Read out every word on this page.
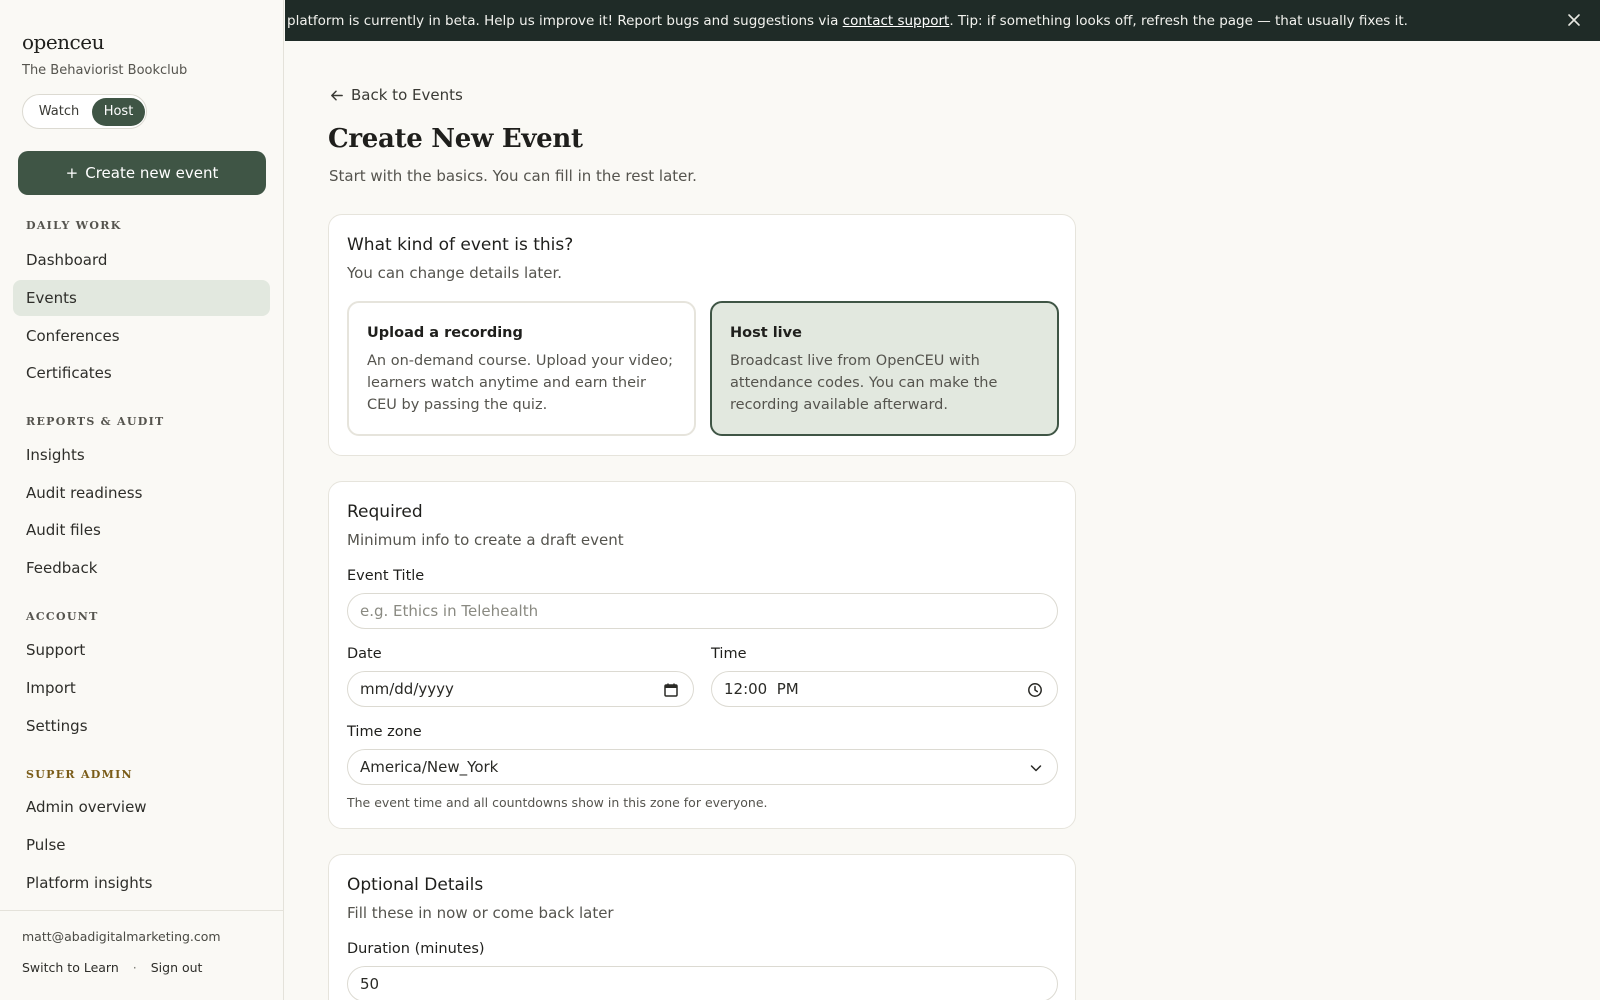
openceu
The Behaviorist Bookclub
Watch	Host
+ Create new event
DAILY WORK
Dashboard
Events
Conferences
Certificates
REPORTS & AUDIT
Insights
Audit readiness
Audit files
Feedback
ACCOUNT
Support
Import
Settings
SUPER ADMIN
Admin overview
Pulse
Platform insights
matt@abadigitalmarketing.com
Switch to Learn · Sign out
platform is currently in beta. Help us improve it! Report bugs and suggestions via contact support. Tip: if something looks off, refresh the page — that usually fixes it.
Back to Events
Create New Event
Start with the basics. You can fill in the rest later.
What kind of event is this?
You can change details later.
Upload a recording
An on-demand course. Upload your video; learners watch anytime and earn their CEU by passing the quiz.
Host live
Broadcast live from OpenCEU with attendance codes. You can make the recording available afterward.
Required
Minimum info to create a draft event
Event Title
e.g. Ethics in Telehealth
Date
mm/dd/yyyy
Time
12:00  PM
Time zone
America/New_York
The event time and all countdowns show in this zone for everyone.
Optional Details
Fill these in now or come back later
Duration (minutes)
50
